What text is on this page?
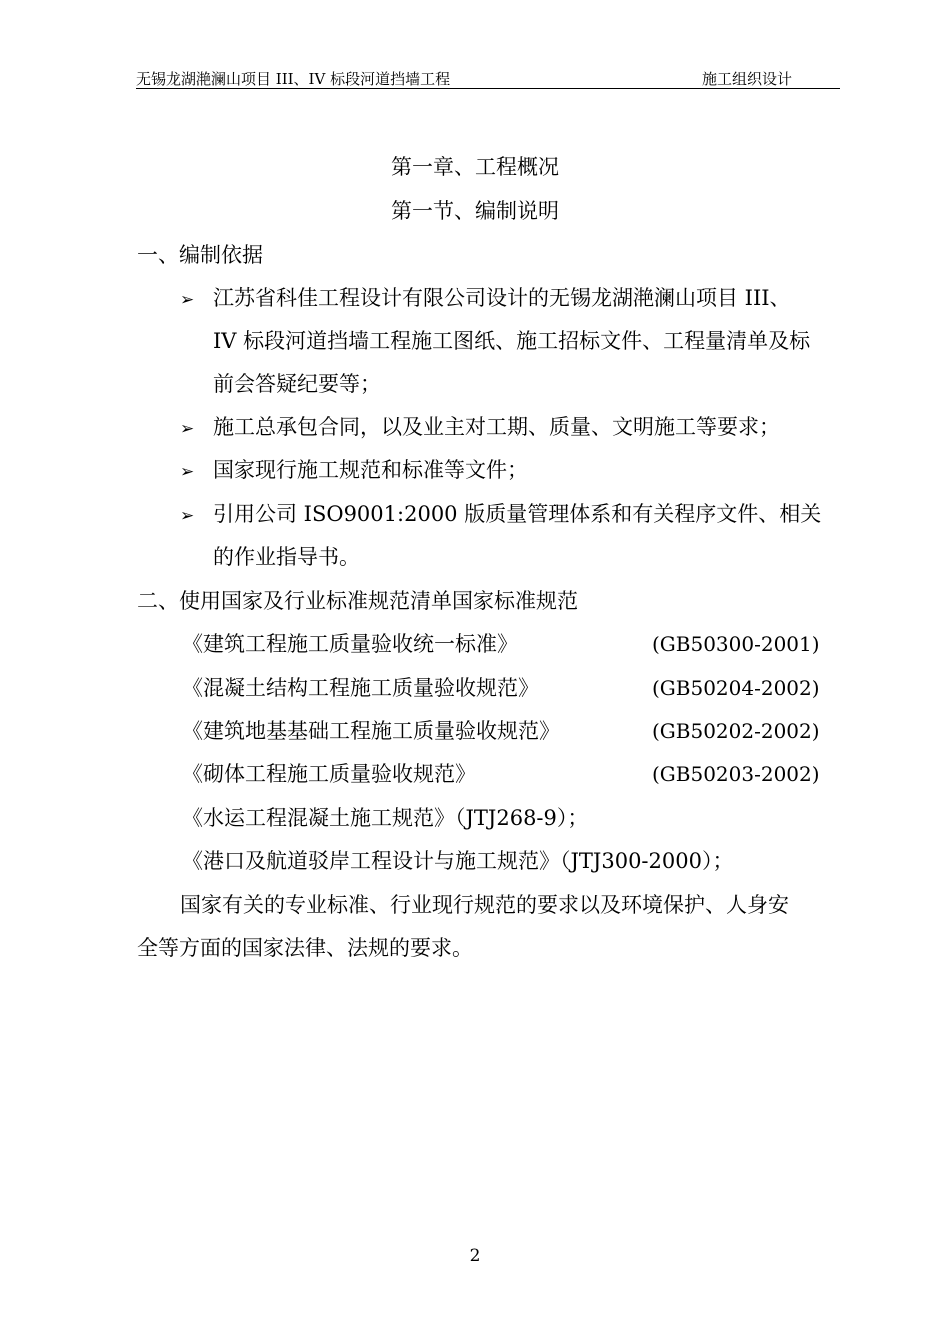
无锡龙湖滟澜山项目 III、IV 标段河道挡墙工程	施工组织设计
第一章、工程概况
第一节、编制说明
一、编制依据
➢ 江苏省科佳工程设计有限公司设计的无锡龙湖滟澜山项目 III、
IV 标段河道挡墙工程施工图纸、施工招标文件、工程量清单及标
前会答疑纪要等；
➢ 施工总承包合同，以及业主对工期、质量、文明施工等要求；
➢ 国家现行施工规范和标准等文件；
➢ 引用公司 ISO9001:2000 版质量管理体系和有关程序文件、相关
的作业指导书。
二、使用国家及行业标准规范清单国家标准规范
《建筑工程施工质量验收统一标准》	(GB50300-2001)
《混凝土结构工程施工质量验收规范》	(GB50204-2002)
《建筑地基基础工程施工质量验收规范》	(GB50202-2002)
《砌体工程施工质量验收规范》	(GB50203-2002)
《水运工程混凝土施工规范》（JTJ268-9）；
《港口及航道驳岸工程设计与施工规范》（JTJ300-2000）；
国家有关的专业标准、行业现行规范的要求以及环境保护、人身安
全等方面的国家法律、法规的要求。
2
